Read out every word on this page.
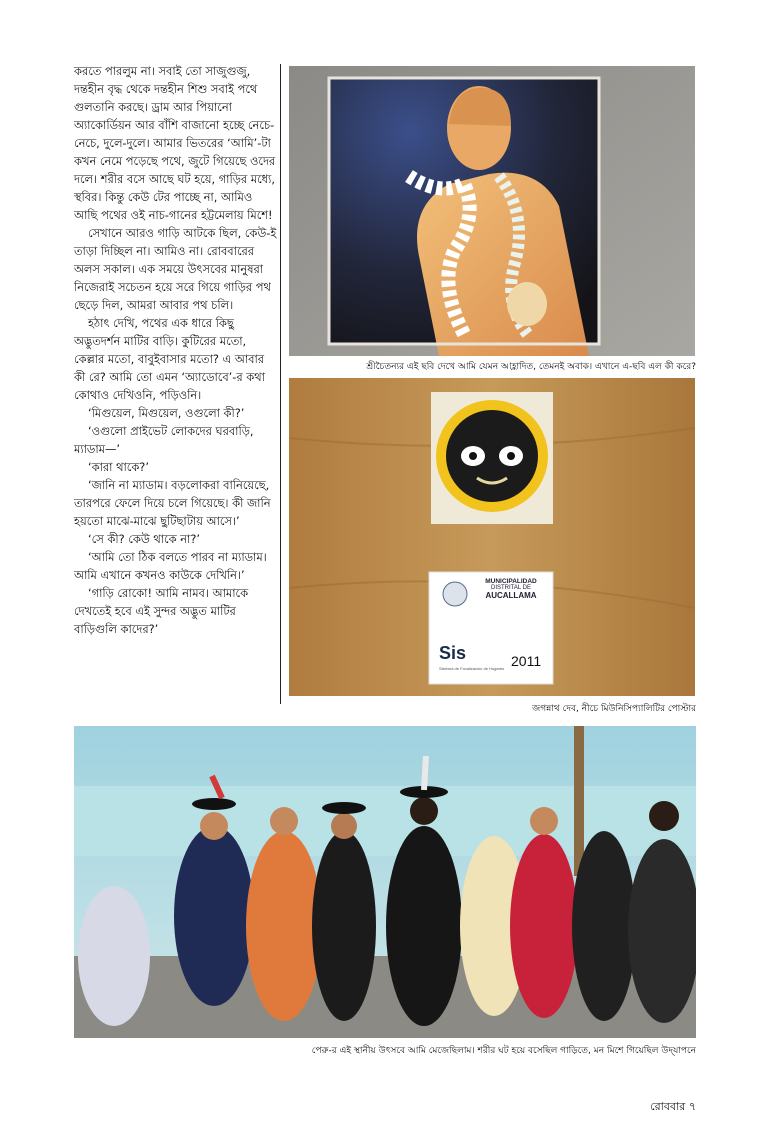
করতে পারলুম না। সবাই তো সাজুগুজু, দন্তহীন বৃদ্ধ থেকে দন্তহীন শিশু সবাই পথে গুলতানি করছে। ড্রাম আর পিয়ানো অ্যাকোর্ডিয়ন আর বাঁশি বাজানো হচ্ছে নেচে-নেচে, দুলে-দুলে। আমার ভিতরের ‘আমি’-টা কখন নেমে পড়েছে পথে, জুটে গিয়েছে ওদের দলে। শরীর বসে আছে ঘট হয়ে, গাড়ির মধ্যে, স্থবির। কিন্তু কেউ টের পাচ্ছে না, আমিও আছি পথের ওই নাচ-গানের হট্টমেলায় মিশে!

সেখানে আরও গাড়ি আটকে ছিল, কেউ-ই তাড়া দিচ্ছিল না। আমিও না। রোববারের অলস সকাল। এক সময়ে উৎসবের মানুষরা নিজেরাই সচেতন হয়ে সরে গিয়ে গাড়ির পথ ছেড়ে দিল, আমরা আবার পথ চলি।

হঠাৎ দেখি, পথের এক ধারে কিছু অদ্ভুতদর্শন মাটির বাড়ি। কুটিরের মতো, কেল্লার মতো, বাবুইবাসার মতো? এ আবার কী রে? আমি তো এমন ‘অ্যাডোবে’-র কথা কোথাও দেখিওনি, পড়িওনি।

‘মিগুয়েল, মিগুয়েল, ওগুলো কী?’

‘ওগুলো প্রাইভেট লোকদের ঘরবাড়ি, ম্যাডাম—’

‘কারা থাকে?’

‘জানি না ম্যাডাম। বড়লোকরা বানিয়েছে, তারপরে ফেলে দিয়ে চলে গিয়েছে। কী জানি হয়তো মাঝে-মাঝে ছুটিছাটায় আসে।’

‘সে কী? কেউ থাকে না?’

‘আমি তো ঠিক বলতে পারব না ম্যাডাম। আমি এখানে কখনও কাউকে দেখিনি।’

‘গাড়ি রোকো! আমি নামব। আমাকে দেখতেই হবে এই সুন্দর অদ্ভুত মাটির বাড়িগুলি কাদের?’

শ্রীচৈতন্যর এই ছবি দেখে আমি যেমন আহ্লাদিত, তেমনই অবাক। এখানে এ-ছবি এল কী করে?
MUNICIPALIDAD
DISTRITAL DE
AUCALLAMA
Sis	2011
Sistema de Focalización de Hogares
জগন্নাথ দেব, নীচে মিউনিসিপ্যালিটির পোস্টার
পেরু-র এই স্থানীয় উৎসবে আমি মেজেছিলাম। শরীর ঘট হয়ে বসেছিল গাড়িতে, মন মিশে গিয়েছিল উদ্‌যাপনে
রোববার ৭
